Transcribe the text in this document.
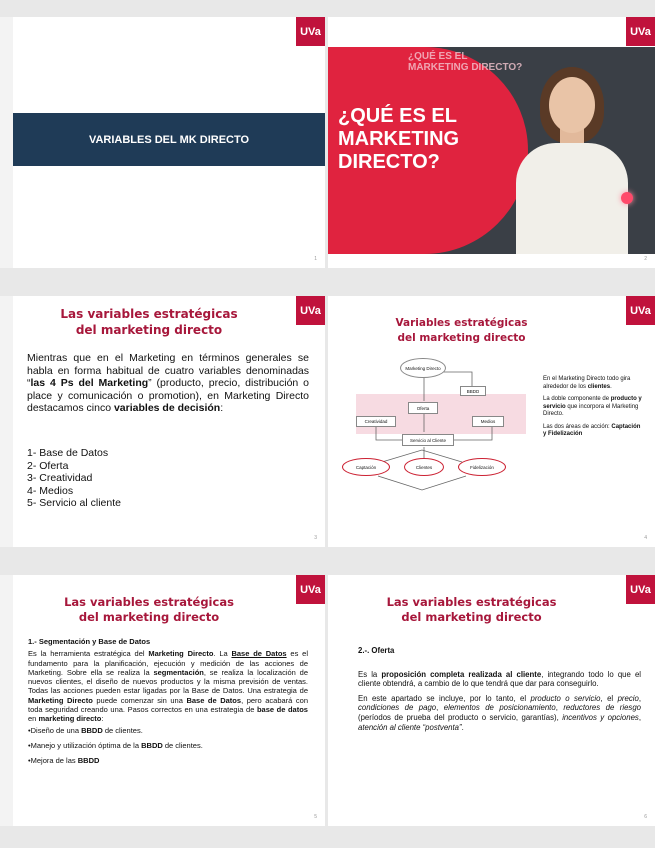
UVa
VARIABLES DEL MK DIRECTO
1
UVa
¿QUÉ ES EL
MARKETING DIRECTO?
¿QUÉ ES EL
MARKETING
DIRECTO?
2
UVa
Las variables estratégicas
del marketing directo
Mientras que en el Marketing en términos generales se habla en forma habitual de cuatro variables denominadas “las 4 Ps del Marketing” (producto, precio, distribución o place y comunicación o promotion), en Marketing Directo destacamos cinco variables de decisión:
1- Base de Datos
2- Oferta
3- Creatividad
4- Medios
5- Servicio al cliente
3
UVa
Variables estratégicas
del marketing directo
Marketing Directo
BBDD
Oferta
Creatividad	Medios
Servicio al Cliente
Captación	Clientes	Fidelización

En el Marketing Directo todo gira alrededor de los clientes.

La doble componente de producto y servicio que incorpora el Marketing Directo.

Las dos áreas de acción: Captación y Fidelización

4
UVa
Las variables estratégicas
del marketing directo

1.- Segmentación y Base de Datos

Es la herramienta estratégica del Marketing Directo. La Base de Datos es el fundamento para la planificación, ejecución y medición de las acciones de Marketing. Sobre ella se realiza la segmentación, se realiza la localización de nuevos clientes, el diseño de nuevos productos y la misma previsión de ventas. Todas las acciones pueden estar ligadas por la Base de Datos. Una estrategia de Marketing Directo puede comenzar sin una Base de Datos, pero acabará con toda seguridad creando una. Pasos correctos en una estrategia de base de datos en marketing directo:

•Diseño de una BBDD de clientes.

•Manejo y utilización óptima de la BBDD de clientes.

•Mejora de las BBDD

5
UVa
Las variables estratégicas
del marketing directo

2.-. Oferta

Es la proposición completa realizada al cliente, integrando todo lo que el cliente obtendrá, a cambio de lo que tendrá que dar para conseguirlo.

En este apartado se incluye, por lo tanto, el producto o servicio, el precio, condiciones de pago, elementos de posicionamiento, reductores de riesgo (períodos de prueba del producto o servicio, garantías), incentivos y opciones, atención al cliente “postventa”.

6
